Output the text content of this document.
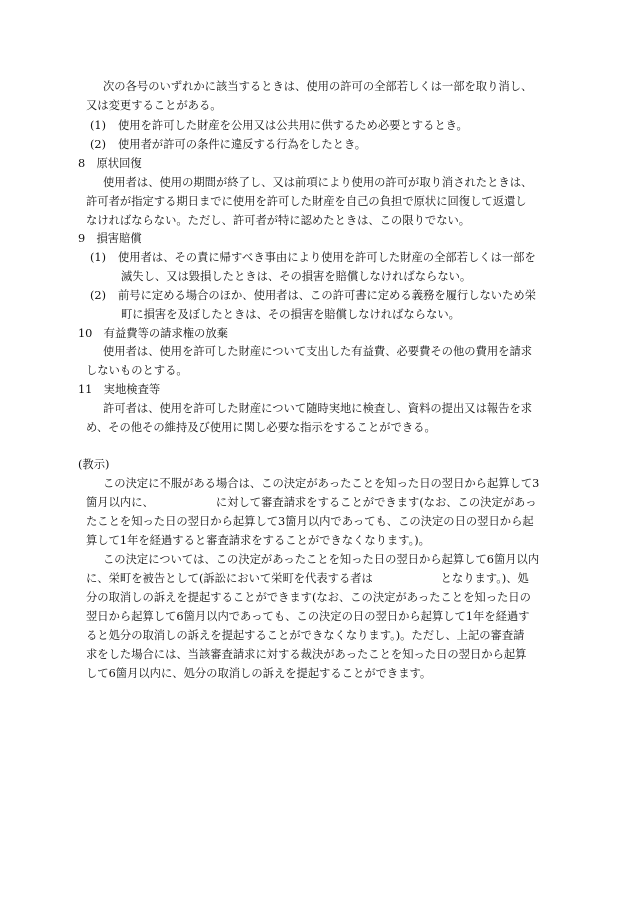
次の各号のいずれかに該当するときは、使用の許可の全部若しくは一部を取り消し、

又は変更することがある。

(1) 使用を許可した財産を公用又は公共用に供するため必要とするとき。

(2) 使用者が許可の条件に違反する行為をしたとき。

8　原状回復

使用者は、使用の期間が終了し、又は前項により使用の許可が取り消されたときは、

許可者が指定する期日までに使用を許可した財産を自己の負担で原状に回復して返還し

なければならない。ただし、許可者が特に認めたときは、この限りでない。

9　損害賠償

(1) 使用者は、その責に帰すべき事由により使用を許可した財産の全部若しくは一部を

滅失し、又は毀損したときは、その損害を賠償しなければならない。

(2) 前号に定める場合のほか、使用者は、この許可書に定める義務を履行しないため栄

町に損害を及ぼしたときは、その損害を賠償しなければならない。

10　有益費等の請求権の放棄

使用者は、使用を許可した財産について支出した有益費、必要費その他の費用を請求

しないものとする。

11　実地検査等

許可者は、使用を許可した財産について随時実地に検査し、資料の提出又は報告を求

め、その他その維持及び使用に関し必要な指示をすることができる。

(教示)

この決定に不服がある場合は、この決定があったことを知った日の翌日から起算して3

箇月以内に、　　　　　　に対して審査請求をすることができます(なお、この決定があっ

たことを知った日の翌日から起算して3箇月以内であっても、この決定の日の翌日から起

算して1年を経過すると審査請求をすることができなくなります。)。

この決定については、この決定があったことを知った日の翌日から起算して6箇月以内

に、栄町を被告として(訴訟において栄町を代表する者は　　　　　　となります。)、処

分の取消しの訴えを提起することができます(なお、この決定があったことを知った日の

翌日から起算して6箇月以内であっても、この決定の日の翌日から起算して1年を経過す

ると処分の取消しの訴えを提起することができなくなります。)。ただし、上記の審査請

求をした場合には、当該審査請求に対する裁決があったことを知った日の翌日から起算

して6箇月以内に、処分の取消しの訴えを提起することができます。
